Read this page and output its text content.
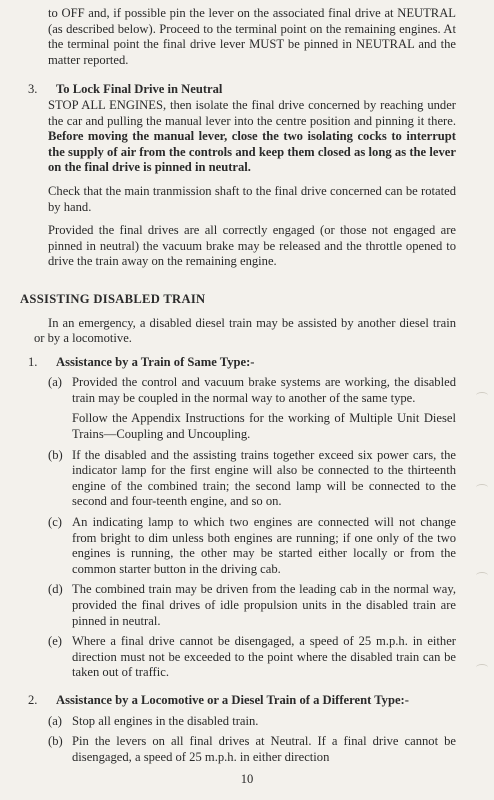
to OFF and, if possible pin the lever on the associated final drive at NEUTRAL (as described below). Proceed to the terminal point on the remaining engines. At the terminal point the final drive lever MUST be pinned in NEUTRAL and the matter reported.

3.	To Lock Final Drive in Neutral

STOP ALL ENGINES, then isolate the final drive concerned by reaching under the car and pulling the manual lever into the centre position and pinning it there. Before moving the manual lever, close the two isolating cocks to interrupt the supply of air from the controls and keep them closed as long as the lever on the final drive is pinned in neutral.

Check that the main tranmission shaft to the final drive concerned can be rotated by hand.

Provided the final drives are all correctly engaged (or those not engaged are pinned in neutral) the vacuum brake may be released and the throttle opened to drive the train away on the remaining engine.

ASSISTING DISABLED TRAIN

In an emergency, a disabled diesel train may be assisted by another diesel train or by a locomotive.

1.	Assistance by a Train of Same Type:-
(a) Provided the control and vacuum brake systems are working, the disabled train may be coupled in the normal way to another of the same type.

Follow the Appendix Instructions for the working of Multiple Unit Diesel Trains—Coupling and Uncoupling.

(b) If the disabled and the assisting trains together exceed six power cars, the indicator lamp for the first engine will also be connected to the thirteenth engine of the combined train; the second lamp will be connected to the second and four-teenth engine, and so on.
(c) An indicating lamp to which two engines are connected will not change from bright to dim unless both engines are running; if one only of the two engines is running, the other may be started either locally or from the common starter button in the driving cab.
(d) The combined train may be driven from the leading cab in the normal way, provided the final drives of idle propulsion units in the disabled train are pinned in neutral.
(e) Where a final drive cannot be disengaged, a speed of 25 m.p.h. in either direction must not be exceeded to the point where the disabled train can be taken out of traffic.
2.	Assistance by a Locomotive or a Diesel Train of a Different Type:-
(a) Stop all engines in the disabled train.
(b) Pin the levers on all final drives at Neutral. If a final drive cannot be disengaged, a speed of 25 m.p.h. in either direction
10
